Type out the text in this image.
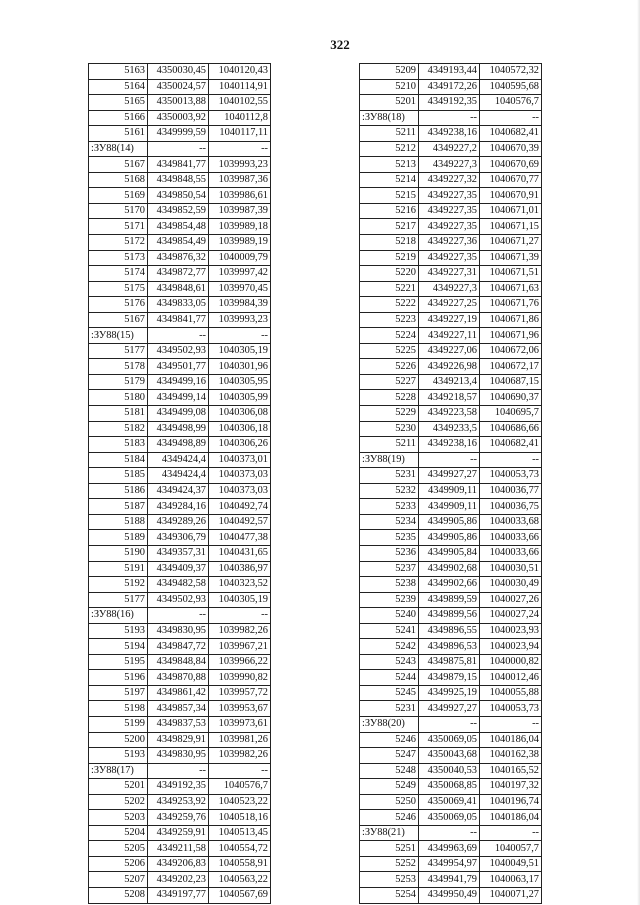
322
5163	4350030,45	1040120,43
5164	4350024,57	1040114,91
5165	4350013,88	1040102,55
5166	4350003,92	1040112,8
5161	4349999,59	1040117,11
:ЗУ88(14)	--	--
5167	4349841,77	1039993,23
5168	4349848,55	1039987,36
5169	4349850,54	1039986,61
5170	4349852,59	1039987,39
5171	4349854,48	1039989,18
5172	4349854,49	1039989,19
5173	4349876,32	1040009,79
5174	4349872,77	1039997,42
5175	4349848,61	1039970,45
5176	4349833,05	1039984,39
5167	4349841,77	1039993,23
:ЗУ88(15)	--	--
5177	4349502,93	1040305,19
5178	4349501,77	1040301,96
5179	4349499,16	1040305,95
5180	4349499,14	1040305,99
5181	4349499,08	1040306,08
5182	4349498,99	1040306,18
5183	4349498,89	1040306,26
5184	4349424,4	1040373,01
5185	4349424,4	1040373,03
5186	4349424,37	1040373,03
5187	4349284,16	1040492,74
5188	4349289,26	1040492,57
5189	4349306,79	1040477,38
5190	4349357,31	1040431,65
5191	4349409,37	1040386,97
5192	4349482,58	1040323,52
5177	4349502,93	1040305,19
:ЗУ88(16)	--	--
5193	4349830,95	1039982,26
5194	4349847,72	1039967,21
5195	4349848,84	1039966,22
5196	4349870,88	1039990,82
5197	4349861,42	1039957,72
5198	4349857,34	1039953,67
5199	4349837,53	1039973,61
5200	4349829,91	1039981,26
5193	4349830,95	1039982,26
:ЗУ88(17)	--	--
5201	4349192,35	1040576,7
5202	4349253,92	1040523,22
5203	4349259,76	1040518,16
5204	4349259,91	1040513,45
5205	4349211,58	1040554,72
5206	4349206,83	1040558,91
5207	4349202,23	1040563,22
5208	4349197,77	1040567,69
5209	4349193,44	1040572,32
5210	4349172,26	1040595,68
5201	4349192,35	1040576,7
:ЗУ88(18)	--	--
5211	4349238,16	1040682,41
5212	4349227,2	1040670,39
5213	4349227,3	1040670,69
5214	4349227,32	1040670,77
5215	4349227,35	1040670,91
5216	4349227,35	1040671,01
5217	4349227,35	1040671,15
5218	4349227,36	1040671,27
5219	4349227,35	1040671,39
5220	4349227,31	1040671,51
5221	4349227,3	1040671,63
5222	4349227,25	1040671,76
5223	4349227,19	1040671,86
5224	4349227,11	1040671,96
5225	4349227,06	1040672,06
5226	4349226,98	1040672,17
5227	4349213,4	1040687,15
5228	4349218,57	1040690,37
5229	4349223,58	1040695,7
5230	4349233,5	1040686,66
5211	4349238,16	1040682,41
:ЗУ88(19)	--	--
5231	4349927,27	1040053,73
5232	4349909,11	1040036,77
5233	4349909,11	1040036,75
5234	4349905,86	1040033,68
5235	4349905,86	1040033,66
5236	4349905,84	1040033,66
5237	4349902,68	1040030,51
5238	4349902,66	1040030,49
5239	4349899,59	1040027,26
5240	4349899,56	1040027,24
5241	4349896,55	1040023,93
5242	4349896,53	1040023,94
5243	4349875,81	1040000,82
5244	4349879,15	1040012,46
5245	4349925,19	1040055,88
5231	4349927,27	1040053,73
:ЗУ88(20)	--	--
5246	4350069,05	1040186,04
5247	4350043,68	1040162,38
5248	4350040,53	1040165,52
5249	4350068,85	1040197,32
5250	4350069,41	1040196,74
5246	4350069,05	1040186,04
:ЗУ88(21)	--	--
5251	4349963,69	1040057,7
5252	4349954,97	1040049,51
5253	4349941,79	1040063,17
5254	4349950,49	1040071,27
